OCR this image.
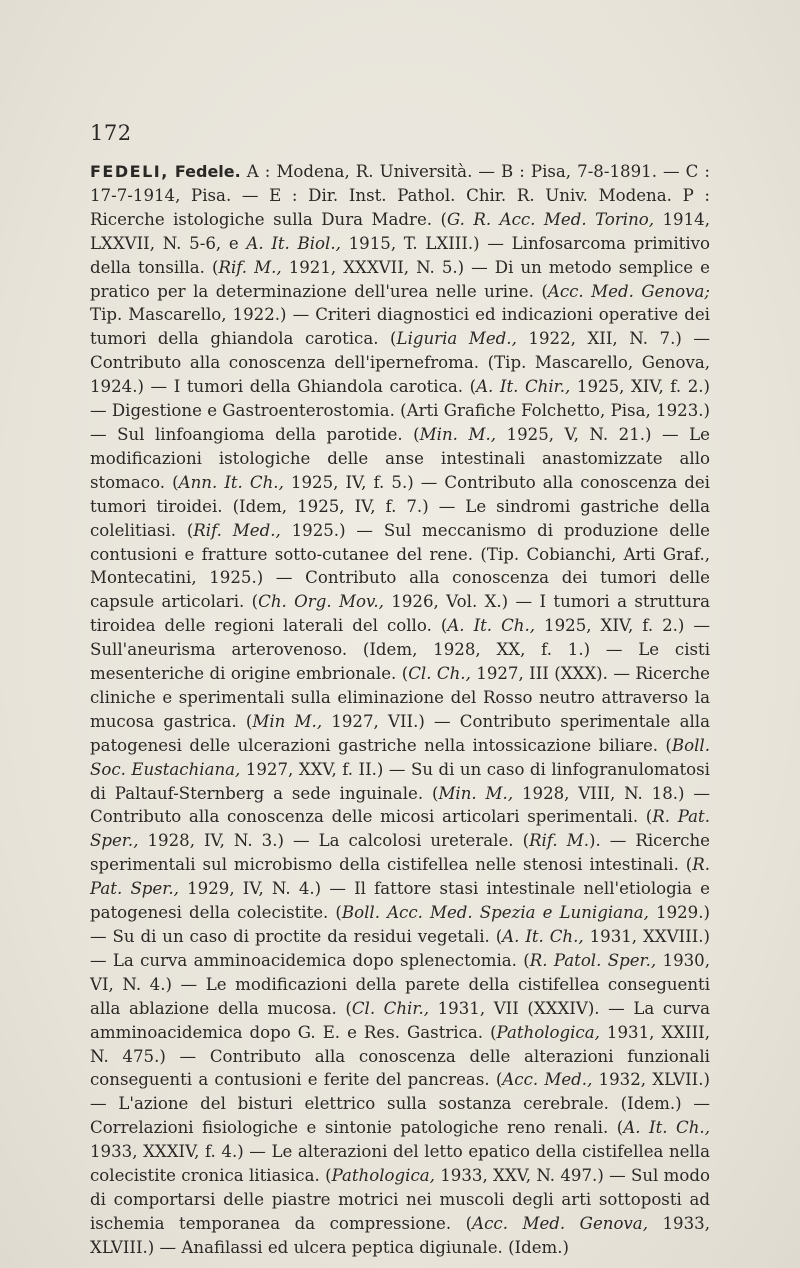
172

FEDELI, Fedele. A : Modena, R. Università. — B : Pisa, 7-8-1891. — C : 17-7-1914, Pisa. — E : Dir. Inst. Pathol. Chir. R. Univ. Modena. P : Ricerche istologiche sulla Dura Madre. (G. R. Acc. Med. Torino, 1914, LXXVII, N. 5-6, e A. It. Biol., 1915, T. LXIII.) — Linfosarcoma primitivo della tonsilla. (Rif. M., 1921, XXXVII, N. 5.) — Di un metodo semplice e pratico per la determinazione dell'urea nelle urine. (Acc. Med. Genova; Tip. Mascarello, 1922.) — Criteri diagnostici ed indicazioni operative dei tumori della ghiandola carotica. (Liguria Med., 1922, XII, N. 7.) — Contributo alla conoscenza dell'ipernefroma. (Tip. Mascarello, Genova, 1924.) — I tumori della Ghiandola carotica. (A. It. Chir., 1925, XIV, f. 2.) — Digestione e Gastroenterostomia. (Arti Grafiche Folchetto, Pisa, 1923.) — Sul linfoangioma della parotide. (Min. M., 1925, V, N. 21.) — Le modificazioni istologiche delle anse intestinali anastomizzate allo stomaco. (Ann. It. Ch., 1925, IV, f. 5.) — Contributo alla conoscenza dei tumori tiroidei. (Idem, 1925, IV, f. 7.) — Le sindromi gastriche della colelitiasi. (Rif. Med., 1925.) — Sul meccanismo di produzione delle contusioni e fratture sotto-cutanee del rene. (Tip. Cobianchi, Arti Graf., Montecatini, 1925.) — Contributo alla conoscenza dei tumori delle capsule articolari. (Ch. Org. Mov., 1926, Vol. X.) — I tumori a struttura tiroidea delle regioni laterali del collo. (A. It. Ch., 1925, XIV, f. 2.) — Sull'aneurisma arterovenoso. (Idem, 1928, XX, f. 1.) — Le cisti mesenteriche di origine embrionale. (Cl. Ch., 1927, III (XXX). — Ricerche cliniche e sperimentali sulla eliminazione del Rosso neutro attraverso la mucosa gastrica. (Min M., 1927, VII.) — Contributo sperimentale alla patogenesi delle ulcerazioni gastriche nella intossicazione biliare. (Boll. Soc. Eustachiana, 1927, XXV, f. II.) — Su di un caso di linfogranulomatosi di Paltauf-Sternberg a sede inguinale. (Min. M., 1928, VIII, N. 18.) — Contributo alla conoscenza delle micosi articolari sperimentali. (R. Pat. Sper., 1928, IV, N. 3.) — La calcolosi ureterale. (Rif. M.). — Ricerche sperimentali sul microbismo della cistifellea nelle stenosi intestinali. (R. Pat. Sper., 1929, IV, N. 4.) — Il fattore stasi intestinale nell'etiologia e patogenesi della colecistite. (Boll. Acc. Med. Spezia e Lunigiana, 1929.) — Su di un caso di proctite da residui vegetali. (A. It. Ch., 1931, XXVIII.) — La curva amminoacidemica dopo splenectomia. (R. Patol. Sper., 1930, VI, N. 4.) — Le modificazioni della parete della cistifellea conseguenti alla ablazione della mucosa. (Cl. Chir., 1931, VII (XXXIV). — La curva amminoacidemica dopo G. E. e Res. Gastrica. (Pathologica, 1931, XXIII, N. 475.) — Contributo alla conoscenza delle alterazioni funzionali conseguenti a contusioni e ferite del pancreas. (Acc. Med., 1932, XLVII.) — L'azione del bisturi elettrico sulla sostanza cerebrale. (Idem.) — Correlazioni fisiologiche e sintonie patologiche reno renali. (A. It. Ch., 1933, XXXIV, f. 4.) — Le alterazioni del letto epatico della cistifellea nella colecistite cronica litiasica. (Pathologica, 1933, XXV, N. 497.) — Sul modo di comportarsi delle piastre motrici nei muscoli degli arti sottoposti ad ischemia temporanea da compressione. (Acc. Med. Genova, 1933, XLVIII.) — Anafilassi ed ulcera peptica digiunale. (Idem.)
